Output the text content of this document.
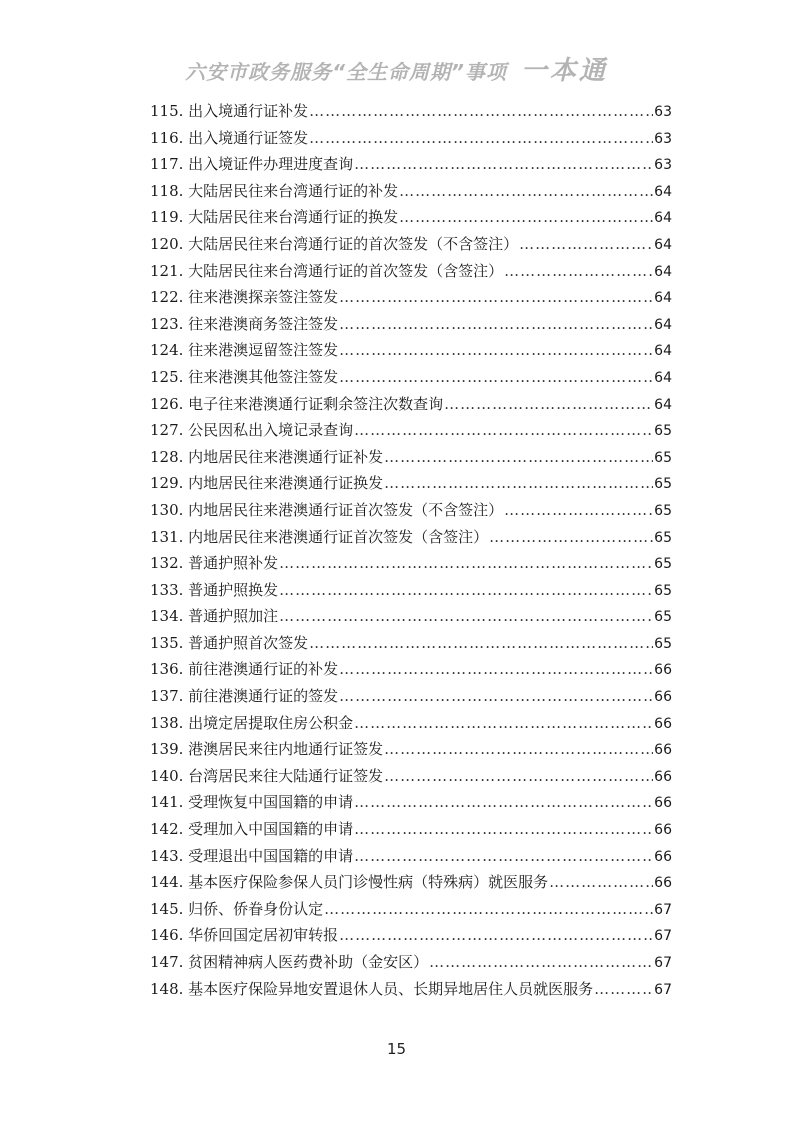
六安市政务服务“全生命周期”事项 一本通
115. 出入境通行证补发 …………………………………………………………………………………………………………………………………………………………………………………………………	63
116. 出入境通行证签发 …………………………………………………………………………………………………………………………………………………………………………………………………	63
117. 出入境证件办理进度查询 …………………………………………………………………………………………………………………………………………………………………………………………………	63
118. 大陆居民往来台湾通行证的补发 …………………………………………………………………………………………………………………………………………………………………………………………………	64
119. 大陆居民往来台湾通行证的换发 …………………………………………………………………………………………………………………………………………………………………………………………………	64
120. 大陆居民往来台湾通行证的首次签发（不含签注） …………………………………………………………………………………………………………………………………………………………………………………………………	64
121. 大陆居民往来台湾通行证的首次签发（含签注） …………………………………………………………………………………………………………………………………………………………………………………………………	64
122. 往来港澳探亲签注签发 …………………………………………………………………………………………………………………………………………………………………………………………………	64
123. 往来港澳商务签注签发 …………………………………………………………………………………………………………………………………………………………………………………………………	64
124. 往来港澳逗留签注签发 …………………………………………………………………………………………………………………………………………………………………………………………………	64
125. 往来港澳其他签注签发 …………………………………………………………………………………………………………………………………………………………………………………………………	64
126. 电子往来港澳通行证剩余签注次数查询 …………………………………………………………………………………………………………………………………………………………………………………………………	64
127. 公民因私出入境记录查询 …………………………………………………………………………………………………………………………………………………………………………………………………	65
128. 内地居民往来港澳通行证补发 …………………………………………………………………………………………………………………………………………………………………………………………………	65
129. 内地居民往来港澳通行证换发 …………………………………………………………………………………………………………………………………………………………………………………………………	65
130. 内地居民往来港澳通行证首次签发（不含签注） …………………………………………………………………………………………………………………………………………………………………………………………………	65
131. 内地居民往来港澳通行证首次签发（含签注） …………………………………………………………………………………………………………………………………………………………………………………………………	65
132. 普通护照补发 …………………………………………………………………………………………………………………………………………………………………………………………………	65
133. 普通护照换发 …………………………………………………………………………………………………………………………………………………………………………………………………	65
134. 普通护照加注 …………………………………………………………………………………………………………………………………………………………………………………………………	65
135. 普通护照首次签发 …………………………………………………………………………………………………………………………………………………………………………………………………	65
136. 前往港澳通行证的补发 …………………………………………………………………………………………………………………………………………………………………………………………………	66
137. 前往港澳通行证的签发 …………………………………………………………………………………………………………………………………………………………………………………………………	66
138. 出境定居提取住房公积金 …………………………………………………………………………………………………………………………………………………………………………………………………	66
139. 港澳居民来往内地通行证签发 …………………………………………………………………………………………………………………………………………………………………………………………………	66
140. 台湾居民来往大陆通行证签发 …………………………………………………………………………………………………………………………………………………………………………………………………	66
141. 受理恢复中国国籍的申请 …………………………………………………………………………………………………………………………………………………………………………………………………	66
142. 受理加入中国国籍的申请 …………………………………………………………………………………………………………………………………………………………………………………………………	66
143. 受理退出中国国籍的申请 …………………………………………………………………………………………………………………………………………………………………………………………………	66
144. 基本医疗保险参保人员门诊慢性病（特殊病）就医服务 …………………………………………………………………………………………………………………………………………………………………………………………………	66
145. 归侨、侨眷身份认定 …………………………………………………………………………………………………………………………………………………………………………………………………	67
146. 华侨回国定居初审转报 …………………………………………………………………………………………………………………………………………………………………………………………………	67
147. 贫困精神病人医药费补助（金安区） …………………………………………………………………………………………………………………………………………………………………………………………………	67
148. 基本医疗保险异地安置退休人员、长期异地居住人员就医服务 …………………………………………………………………………………………………………………………………………………………………………………………………	67
15
